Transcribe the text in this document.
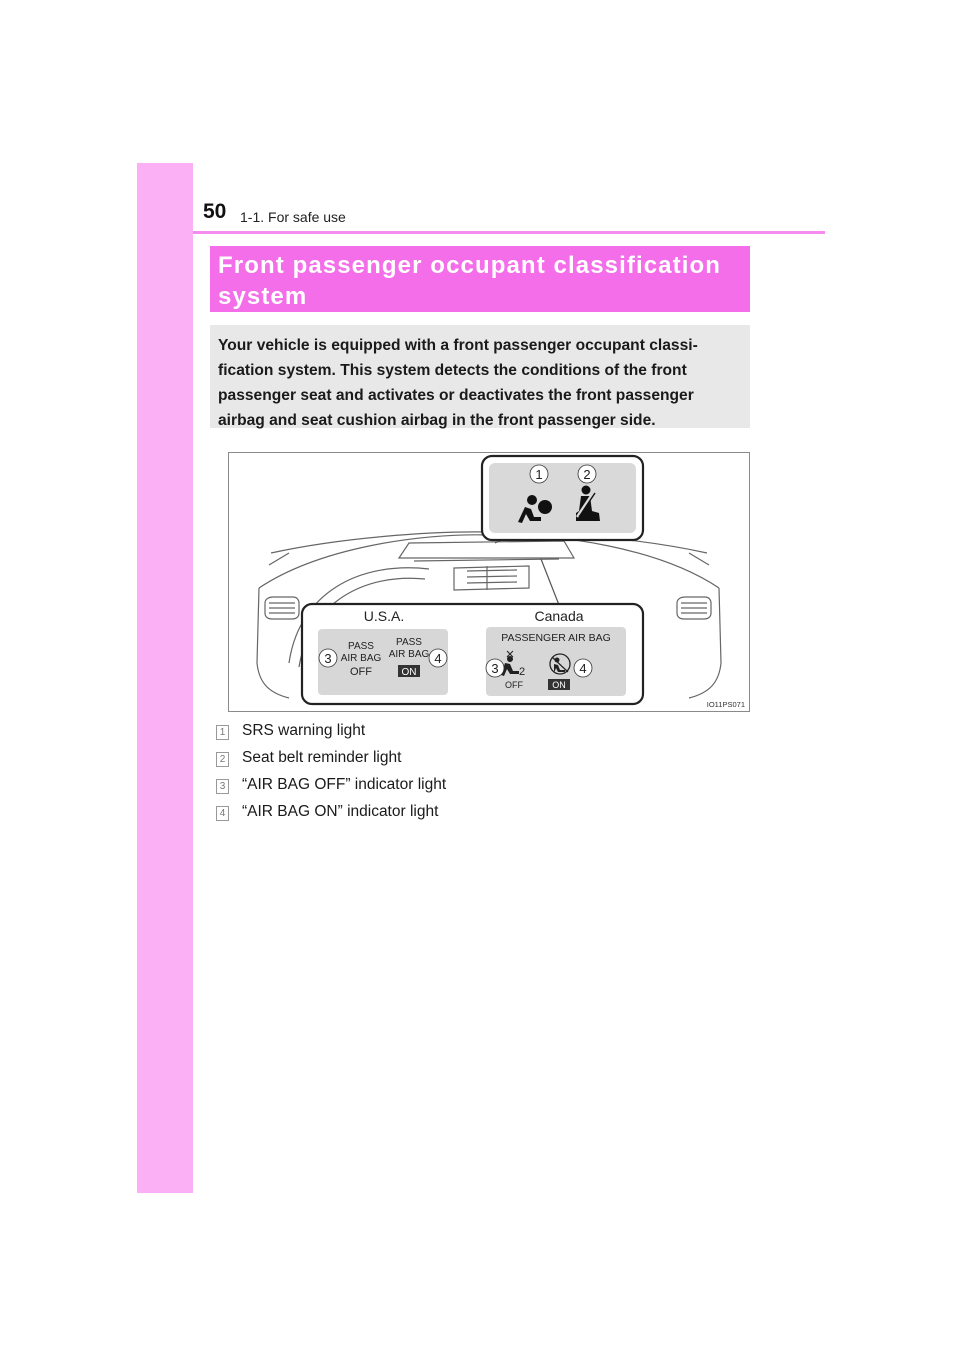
50 1-1. For safe use
Front passenger occupant classification
system
Your vehicle is equipped with a front passenger occupant classi-
fication system. This system detects the conditions of the front
passenger seat and activates or deactivates the front passenger
airbag and seat cushion airbag in the front passenger side.
1	2
U.S.A.	Canada
PASS
AIR BAG
OFF
PASS
AIR BAG
ON
3	4
PASSENGER AIR BAG
2
OFF	ON
3	4
IO11PS071
1 SRS warning light
2 Seat belt reminder light
3 “AIR BAG OFF” indicator light
4 “AIR BAG ON” indicator light
